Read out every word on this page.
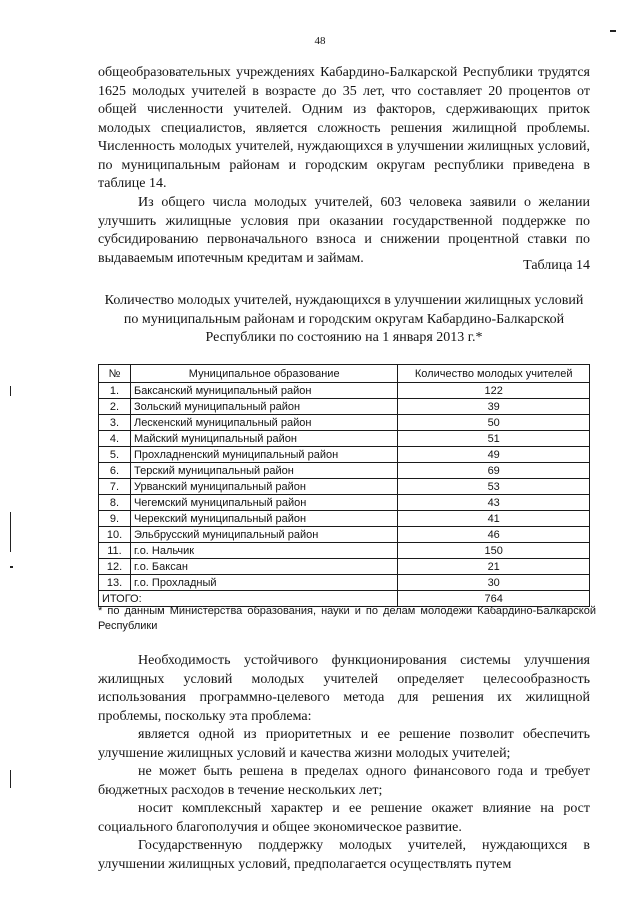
48
общеобразовательных учреждениях Кабардино-Балкарской Республики трудятся 1625 молодых учителей в возрасте до 35 лет, что составляет 20 процентов от общей численности учителей. Одним из факторов, сдерживающих приток молодых специалистов, является сложность решения жилищной проблемы. Численность молодых учителей, нуждающихся в улучшении жилищных условий, по муниципальным районам и городским округам республики приведена в таблице 14.
Из общего числа молодых учителей, 603 человека заявили о желании улучшить жилищные условия при оказании государственной поддержке по субсидированию первоначального взноса и снижении процентной ставки по выдаваемым ипотечным кредитам и займам.	Таблица 14
Количество молодых учителей, нуждающихся в улучшении жилищных условий по муниципальным районам и городским округам Кабардино-Балкарской Республики по состоянию на 1 января 2013 г.*
№	Муниципальное образование	Количество молодых учителей
1.	Баксанский муниципальный район	122
2.	Зольский муниципальный район	39
3.	Лескенский муниципальный район	50
4.	Майский муниципальный район	51
5.	Прохладненский муниципальный район	49
6.	Терский муниципальный район	69
7.	Урванский муниципальный район	53
8.	Чегемский муниципальный район	43
9.	Черекский муниципальный район	41
10.	Эльбрусский муниципальный район	46
11.	г.о. Нальчик	150
12.	г.о. Баксан	21
13.	г.о. Прохладный	30
ИТОГО:		764
* по данным Министерства образования, науки и по делам молодежи Кабардино-Балкарской Республики
Необходимость устойчивого функционирования системы улучшения жилищных условий молодых учителей определяет целесообразность использования программно-целевого метода для решения их жилищной проблемы, поскольку эта проблема:
является одной из приоритетных и ее решение позволит обеспечить улучшение жилищных условий и качества жизни молодых учителей;
не может быть решена в пределах одного финансового года и требует бюджетных расходов в течение нескольких лет;
носит комплексный характер и ее решение окажет влияние на рост социального благополучия и общее экономическое развитие.
Государственную поддержку молодых учителей, нуждающихся в улучшении жилищных условий, предполагается осуществлять путем
